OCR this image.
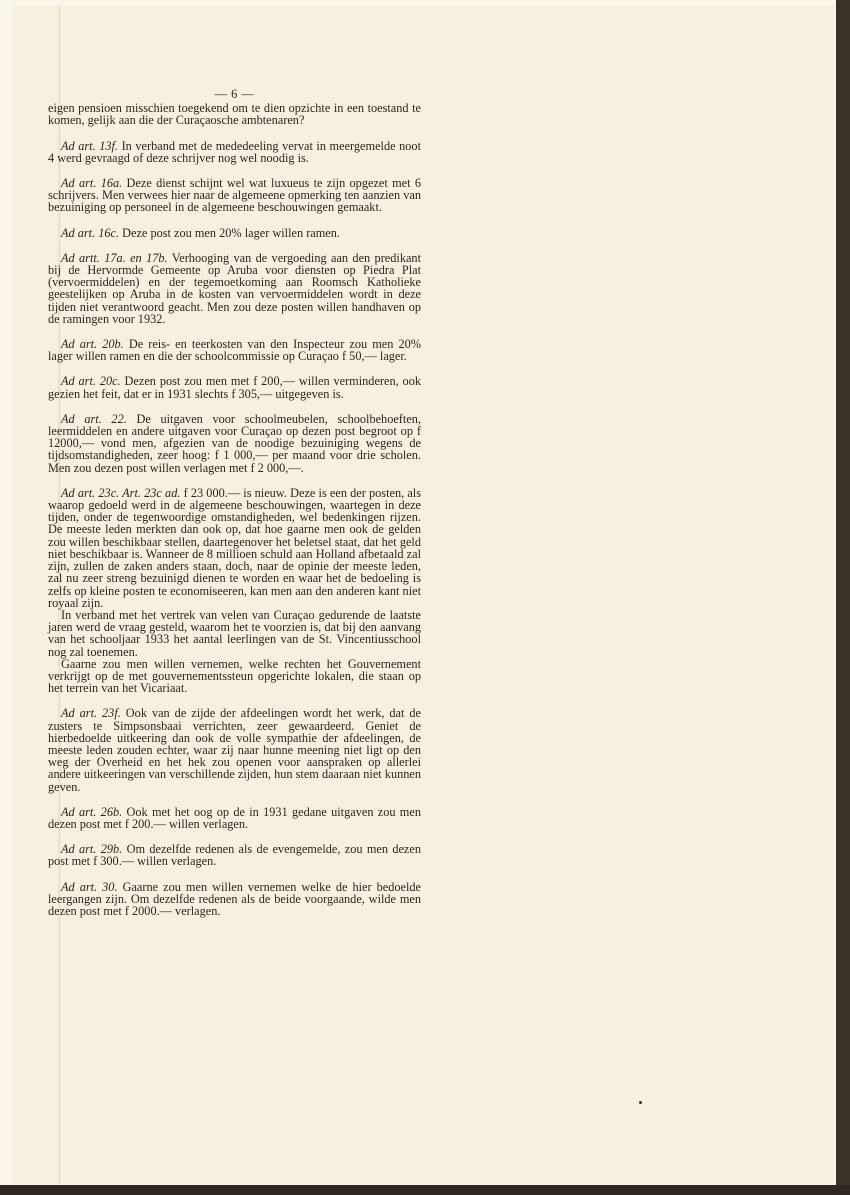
— 6 —

eigen pensioen misschien toegekend om te dien opzichte in een toestand te komen, gelijk aan die der Curaçaosche ambtenaren?

Ad art. 13f. In verband met de mededeeling vervat in meergemelde noot 4 werd gevraagd of deze schrijver nog wel noodig is.

Ad art. 16a. Deze dienst schijnt wel wat luxueus te zijn opgezet met 6 schrijvers. Men verwees hier naar de algemeene opmerking ten aanzien van bezuiniging op personeel in de algemeene beschouwingen gemaakt.

Ad art. 16c. Deze post zou men 20% lager willen ramen.

Ad artt. 17a. en 17b. Verhooging van de vergoeding aan den predikant bij de Hervormde Gemeente op Aruba voor diensten op Piedra Plat (vervoermiddelen) en der tegemoetkoming aan Roomsch Katholieke geestelijken op Aruba in de kosten van vervoermiddelen wordt in deze tijden niet verantwoord geacht. Men zou deze posten willen handhaven op de ramingen voor 1932.

Ad art. 20b. De reis- en teerkosten van den Inspecteur zou men 20% lager willen ramen en die der schoolcommissie op Curaçao f 50,— lager.

Ad art. 20c. Dezen post zou men met f 200,— willen verminderen, ook gezien het feit, dat er in 1931 slechts f 305,— uitgegeven is.

Ad art. 22. De uitgaven voor schoolmeubelen, schoolbehoeften, leermiddelen en andere uitgaven voor Curaçao op dezen post begroot op f 12000,— vond men, afgezien van de noodige bezuiniging wegens de tijdsomstandigheden, zeer hoog: f 1 000,— per maand voor drie scholen. Men zou dezen post willen verlagen met f 2 000,—.

Ad art. 23c. Art. 23c ad. f 23 000.— is nieuw. Deze is een der posten, als waarop gedoeld werd in de algemeene beschouwingen, waartegen in deze tijden, onder de tegenwoordige omstandigheden, wel bedenkingen rijzen. De meeste leden merkten dan ook op, dat hoe gaarne men ook de gelden zou willen beschikbaar stellen, daartegenover het beletsel staat, dat het geld niet beschikbaar is. Wanneer de 8 millioen schuld aan Holland afbetaald zal zijn, zullen de zaken anders staan, doch, naar de opinie der meeste leden, zal nu zeer streng bezuinigd dienen te worden en waar het de bedoeling is zelfs op kleine posten te economiseeren, kan men aan den anderen kant niet royaal zijn.

In verband met het vertrek van velen van Curaçao gedurende de laatste jaren werd de vraag gesteld, waarom het te voorzien is, dat bij den aanvang van het schooljaar 1933 het aantal leerlingen van de St. Vincentiusschool nog zal toenemen.

Gaarne zou men willen vernemen, welke rechten het Gouvernement verkrijgt op de met gouvernementssteun opgerichte lokalen, die staan op het terrein van het Vicariaat.

Ad art. 23f. Ook van de zijde der afdeelingen wordt het werk, dat de zusters te Simpsonsbaai verrichten, zeer gewaardeerd. Geniet de hierbedoelde uitkeering dan ook de volle sympathie der afdeelingen, de meeste leden zouden echter, waar zij naar hunne meening niet ligt op den weg der Overheid en het hek zou openen voor aanspraken op allerlei andere uitkeeringen van verschillende zijden, hun stem daaraan niet kunnen geven.

Ad art. 26b. Ook met het oog op de in 1931 gedane uitgaven zou men dezen post met f 200.— willen verlagen.

Ad art. 29b. Om dezelfde redenen als de evengemelde, zou men dezen post met f 300.— willen verlagen.

Ad art. 30. Gaarne zou men willen vernemen welke de hier bedoelde leergangen zijn. Om dezelfde redenen als de beide voorgaande, wilde men dezen post met f 2000.— verlagen.
